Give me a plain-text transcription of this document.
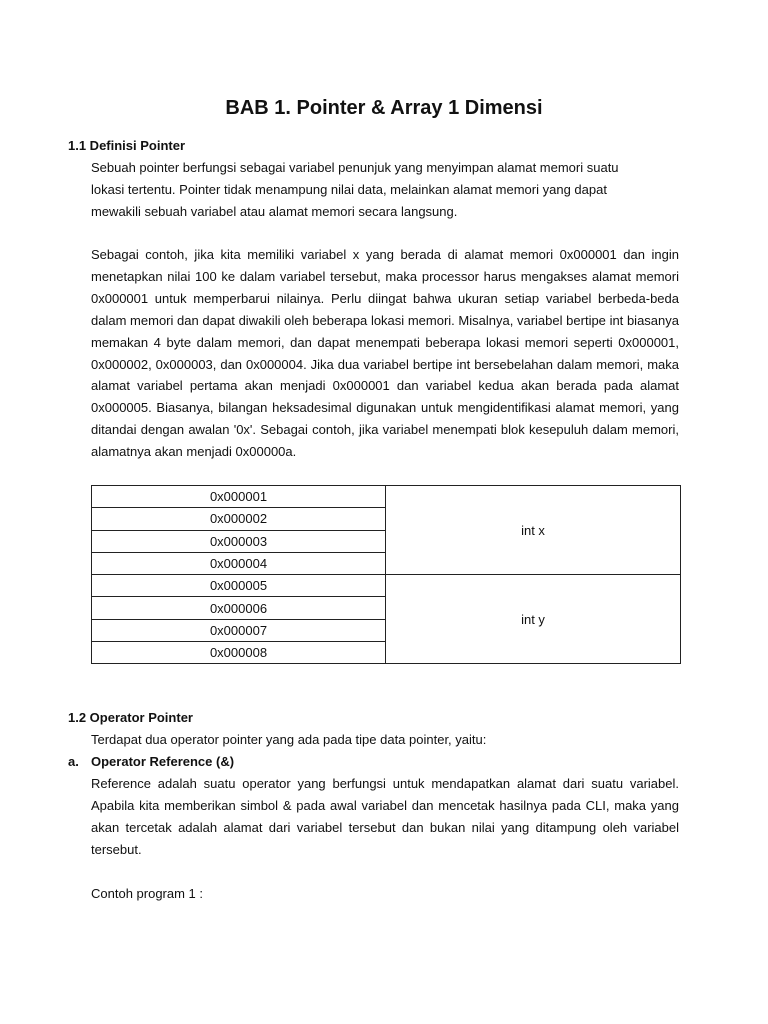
BAB 1. Pointer & Array 1 Dimensi
1.1 Definisi Pointer
Sebuah pointer berfungsi sebagai variabel penunjuk yang menyimpan alamat memori suatu
lokasi tertentu. Pointer tidak menampung nilai data, melainkan alamat memori yang dapat
mewakili sebuah variabel atau alamat memori secara langsung.
Sebagai contoh, jika kita memiliki variabel x yang berada di alamat memori 0x000001 dan ingin menetapkan nilai 100 ke dalam variabel tersebut, maka processor harus mengakses alamat memori 0x000001 untuk memperbarui nilainya. Perlu diingat bahwa ukuran setiap variabel berbeda-beda dalam memori dan dapat diwakili oleh beberapa lokasi memori. Misalnya, variabel bertipe int biasanya memakan 4 byte dalam memori, dan dapat menempati beberapa lokasi memori seperti 0x000001, 0x000002, 0x000003, dan 0x000004. Jika dua variabel bertipe int bersebelahan dalam memori, maka alamat variabel pertama akan menjadi 0x000001 dan variabel kedua akan berada pada alamat 0x000005. Biasanya, bilangan heksadesimal digunakan untuk mengidentifikasi alamat memori, yang ditandai dengan awalan '0x'. Sebagai contoh, jika variabel menempati blok kesepuluh dalam memori, alamatnya akan menjadi 0x00000a.
0x000001	int x
0x000002	
0x000003	
0x000004	
0x000005	int y
0x000006	
0x000007	
0x000008	
1.2 Operator Pointer
Terdapat dua operator pointer yang ada pada tipe data pointer, yaitu:
a. Operator Reference (&)
Reference adalah suatu operator yang berfungsi untuk mendapatkan alamat dari suatu variabel. Apabila kita memberikan simbol & pada awal variabel dan mencetak hasilnya pada CLI, maka yang akan tercetak adalah alamat dari variabel tersebut dan bukan nilai yang ditampung oleh variabel tersebut.
Contoh program 1 :
